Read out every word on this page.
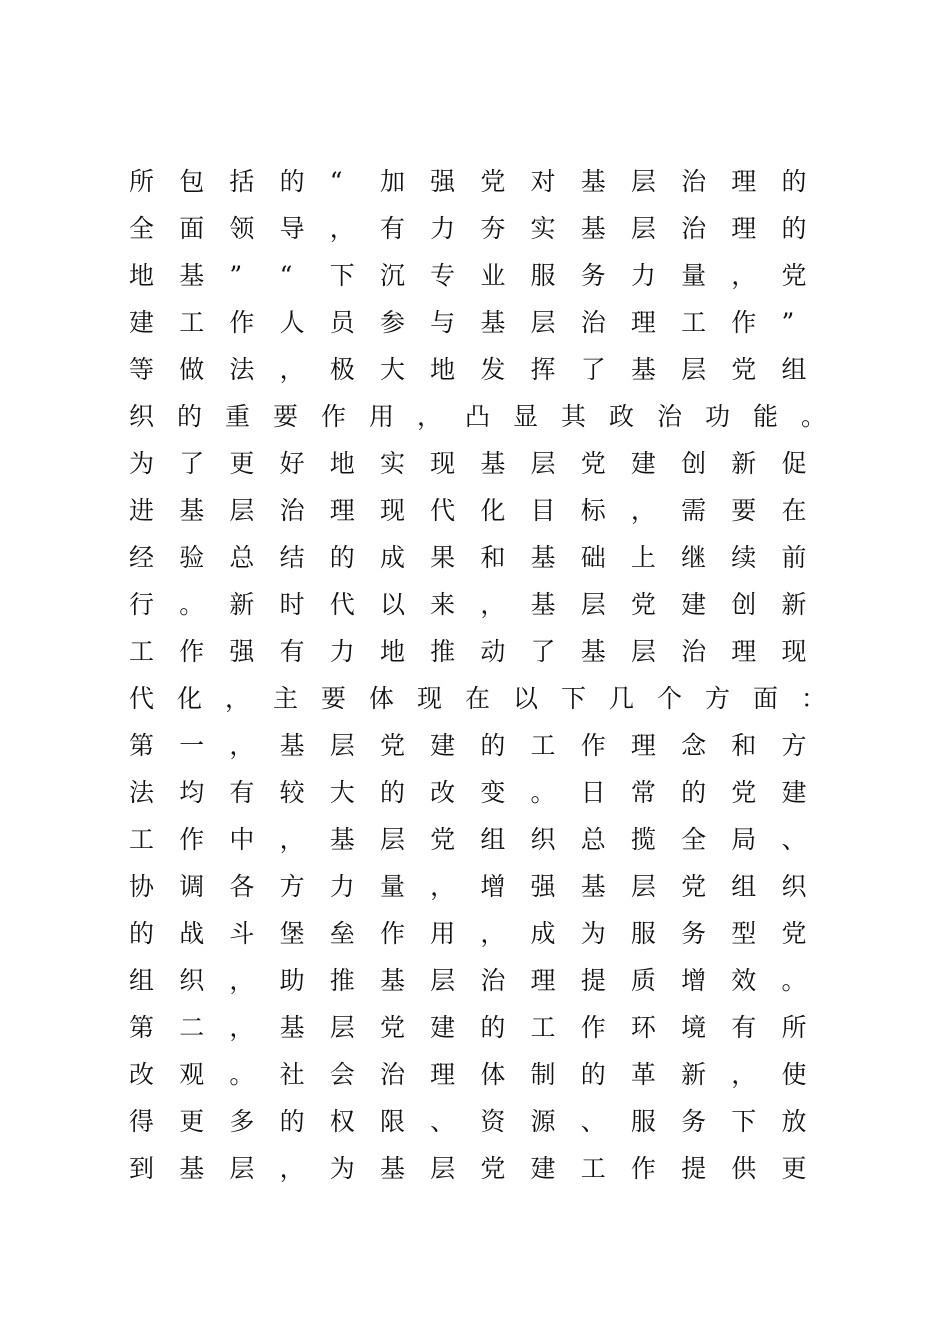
所	包	括	的	“	加	强	党	对	基	层	治	理	的
全	面	领	导	，	有	力	夯	实	基	层	治	理	的
地	基	”	“	下	沉	专	业	服	务	力	量	，	党
建	工	作	人	员	参	与	基	层	治	理	工	作	”
等	做	法	，	极	大	地	发	挥	了	基	层	党	组
织 的 重 要 作 用 ， 凸 显 其 政 治 功 能 。
为	了	更	好	地	实	现	基	层	党	建	创	新	促
进	基	层	治	理	现	代	化	目	标	，	需	要	在
经	验	总	结	的	成	果	和	基	础	上	继	续	前
行	。	新	时	代	以	来	，	基	层	党	建	创	新
工	作	强	有	力	地	推	动	了	基	层	治	理	现
代 化 ， 主 要 体 现 在 以 下 几 个 方 面 ：
第	一	，	基	层	党	建	的	工	作	理	念	和	方
法	均	有	较	大	的	改	变	。	日	常	的	党	建
工	作	中	，	基	层	党	组	织	总	揽	全	局	、
协	调	各	方	力	量	，	增	强	基	层	党	组	织
的	战	斗	堡	垒	作	用	，	成	为	服	务	型	党
组	织	，	助	推	基	层	治	理	提	质	增	效	。
第	二	，	基	层	党	建	的	工	作	环	境	有	所
改	观	。	社	会	治	理	体	制	的	革	新	，	使
得	更	多	的	权	限	、	资	源	、	服	务	下	放
到	基	层	，	为	基	层	党	建	工	作	提	供	更
